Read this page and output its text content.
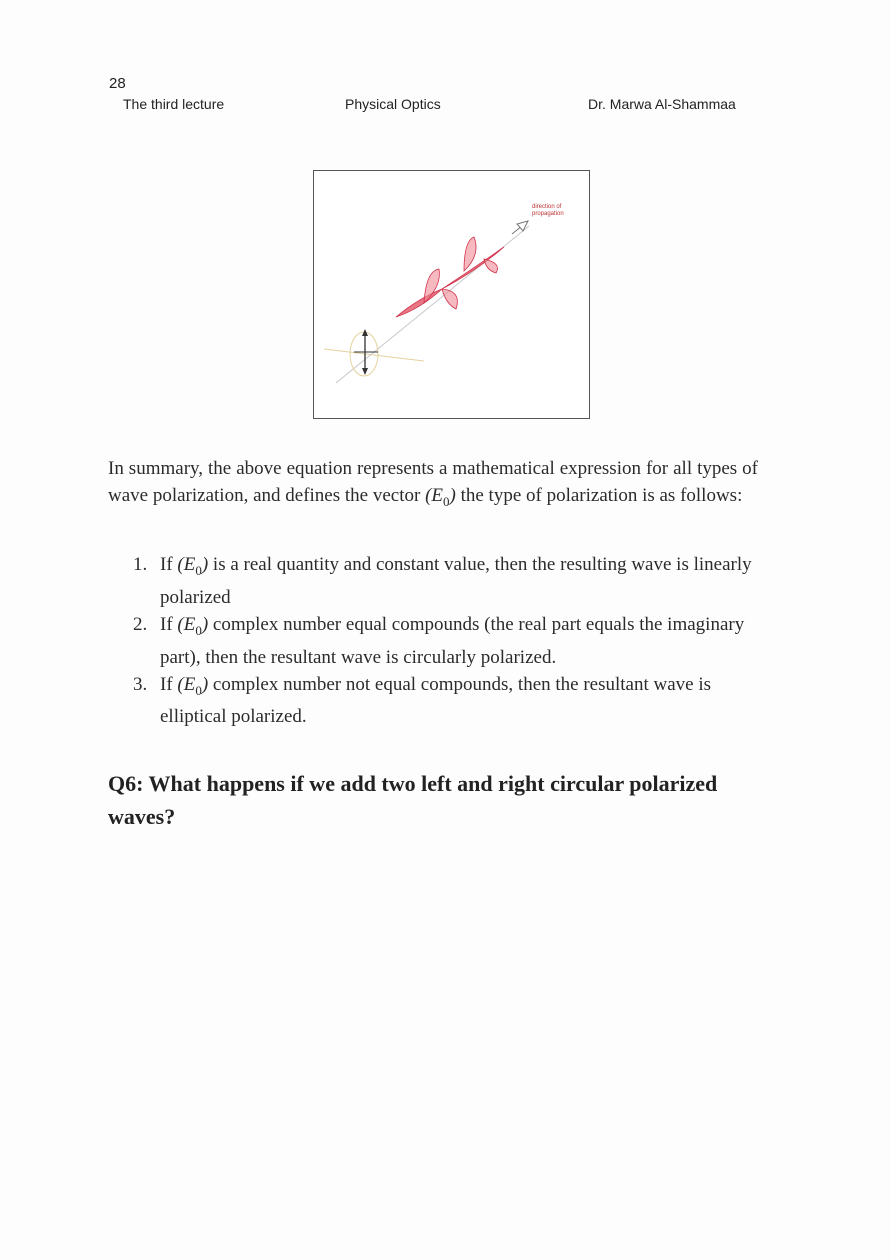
28
The third lecture	Physical Optics	Dr. Marwa Al-Shammaa
direction of
propagation

In summary, the above equation represents a mathematical expression for all types of wave polarization, and defines the vector $(E_0)$ the type of polarization is as follows:

1. If $(E_0)$ is a real quantity and constant value, then the resulting wave is linearly polarized
2. If $(E_0)$ complex number equal compounds (the real part equals the imaginary part), then the resultant wave is circularly polarized.
3. If $(E_0)$ complex number not equal compounds, then the resultant wave is elliptical polarized.

Q6: What happens if we add two left and right circular polarized waves?
